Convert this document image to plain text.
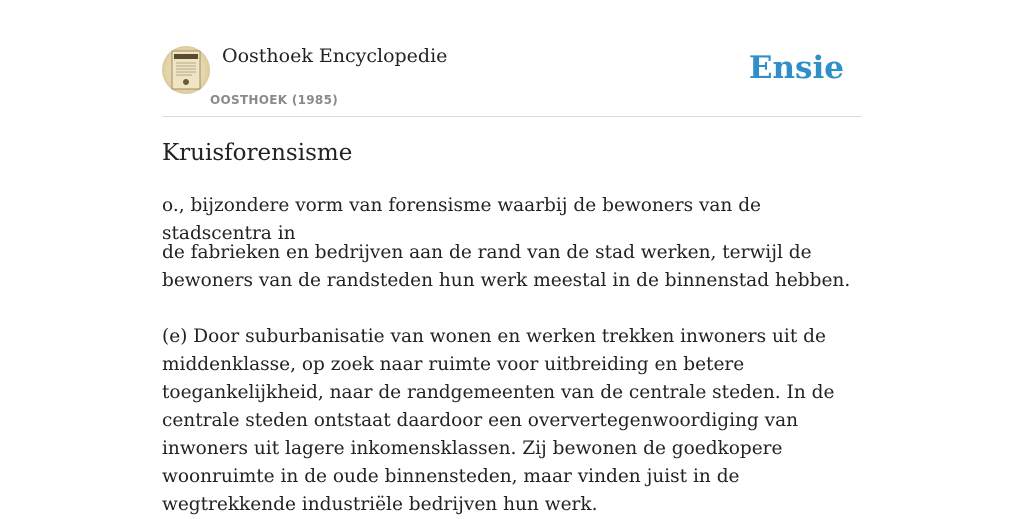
Oosthoek Encyclopedie
OOSTHOEK (1985)
Ensie
Kruisforensisme

o., bijzondere vorm van forensisme waarbij de bewoners van de stadscentra in

de fabrieken en bedrijven aan de rand van de stad werken, terwijl de bewoners van de randsteden hun werk meestal in de binnenstad hebben.

(e) Door suburbanisatie van wonen en werken trekken inwoners uit de middenklasse, op zoek naar ruimte voor uitbreiding en betere toegankelijkheid, naar de randgemeenten van de centrale steden. In de centrale steden ontstaat daardoor een oververtegenwoordiging van inwoners uit lagere inkomensklassen. Zij bewonen de goedkopere woonruimte in de oude binnensteden, maar vinden juist in de wegtrekkende industriële bedrijven hun werk.
